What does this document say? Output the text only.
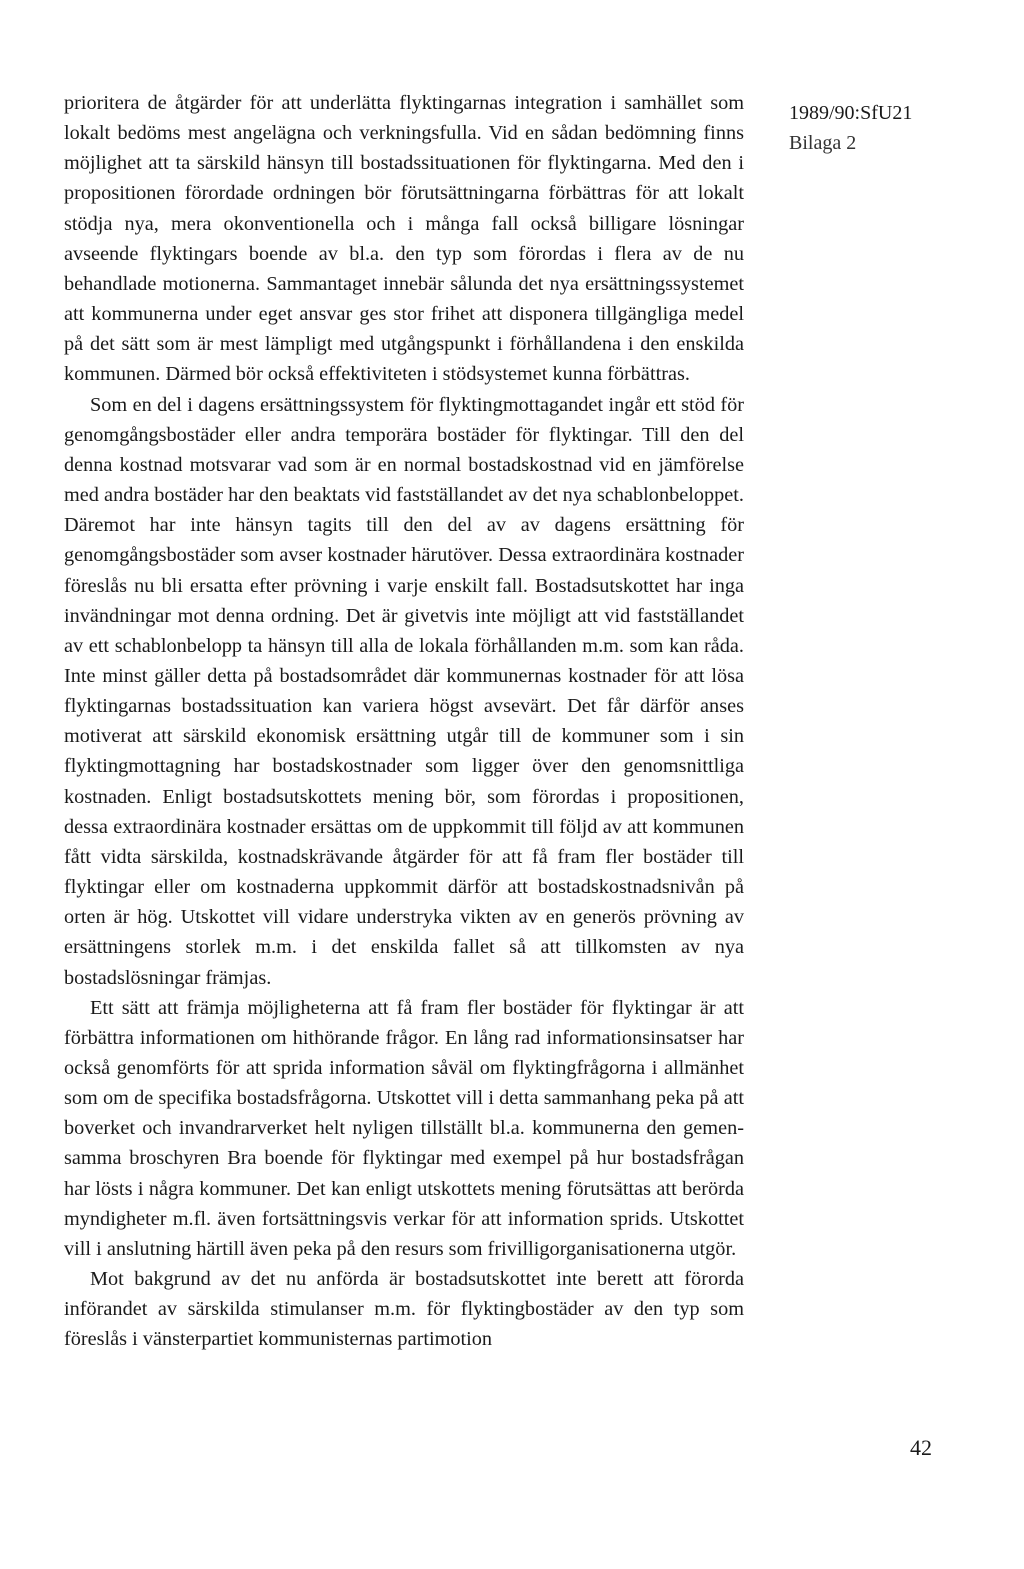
prioritera de åtgärder för att underlätta flyktingarnas integration i samhället som lokalt bedöms mest angelägna och verkningsfulla. Vid en sådan bedömning finns möjlighet att ta särskild hänsyn till bostadssituationen för flyktingarna. Med den i propositionen förordade ordningen bör förutsättningarna förbättras för att lokalt stödja nya, mera okonventionella och i många fall också billigare lösningar avseende flyktingars boende av bl.a. den typ som förordas i flera av de nu behandlade motionerna. Sammantaget innebär sålunda det nya ersättningssystemet att kommunerna under eget ansvar ges stor frihet att disponera tillgängliga medel på det sätt som är mest lämpligt med utgångspunkt i förhållandena i den enskilda kommunen. Därmed bör också effektiviteten i stödsystemet kunna förbättras.

Som en del i dagens ersättningssystem för flyktingmottagandet ingår ett stöd för genomgångsbostäder eller andra temporära bostäder för flyktingar. Till den del denna kostnad motsvarar vad som är en normal bostadskostnad vid en jämförelse med andra bostäder har den beaktats vid fastställandet av det nya schablonbeloppet. Däremot har inte hänsyn tagits till den del av av dagens ersättning för genomgångsbostäder som avser kostnader härutöver. Dessa extraordinära kostnader föreslås nu bli ersatta efter prövning i varje enskilt fall. Bostadsutskottet har inga invändningar mot denna ordning. Det är givetvis inte möjligt att vid fastställandet av ett schablonbelopp ta hänsyn till alla de lokala förhållanden m.m. som kan råda. Inte minst gäller detta på bostadsområdet där kommunernas kostnader för att lösa flyktingarnas bostadssituation kan variera högst avsevärt. Det får därför anses motiverat att särskild ekonomisk ersättning utgår till de kommuner som i sin flyktingmottagning har bostadskostnader som ligger över den genomsnittliga kostnaden. Enligt bostadsutskottets mening bör, som förordas i propositionen, dessa extraordinära kostnader ersättas om de uppkommit till följd av att kommunen fått vidta särskilda, kostnadskrävande åtgärder för att få fram fler bostäder till flyktingar eller om kostnaderna uppkommit därför att bostadskostnadsnivån på orten är hög. Utskottet vill vidare understryka vikten av en generös prövning av ersättningens storlek m.m. i det enskilda fallet så att tillkomsten av nya bostadslösningar främjas.

Ett sätt att främja möjligheterna att få fram fler bostäder för flyktingar är att förbättra informationen om hithörande frågor. En lång rad informationsinsatser har också genomförts för att sprida information såväl om flyktingfrågorna i allmänhet som om de specifika bostadsfrågorna. Utskottet vill i detta sammanhang peka på att boverket och invandrarverket helt nyligen tillställt bl.a. kommunerna den gemensamma broschyren Bra boende för flyktingar med exempel på hur bostadsfrågan har lösts i några kommuner. Det kan enligt utskottets mening förutsättas att berörda myndigheter m.fl. även fortsättningsvis verkar för att information sprids. Utskottet vill i anslutning härtill även peka på den resurs som frivilligorganisationerna utgör.

Mot bakgrund av det nu anförda är bostadsutskottet inte berett att förorda införandet av särskilda stimulanser m.m. för flyktingbostäder av den typ som föreslås i vänsterpartiet kommunisternas partimotion

1989/90:SfU21
Bilaga 2
42
